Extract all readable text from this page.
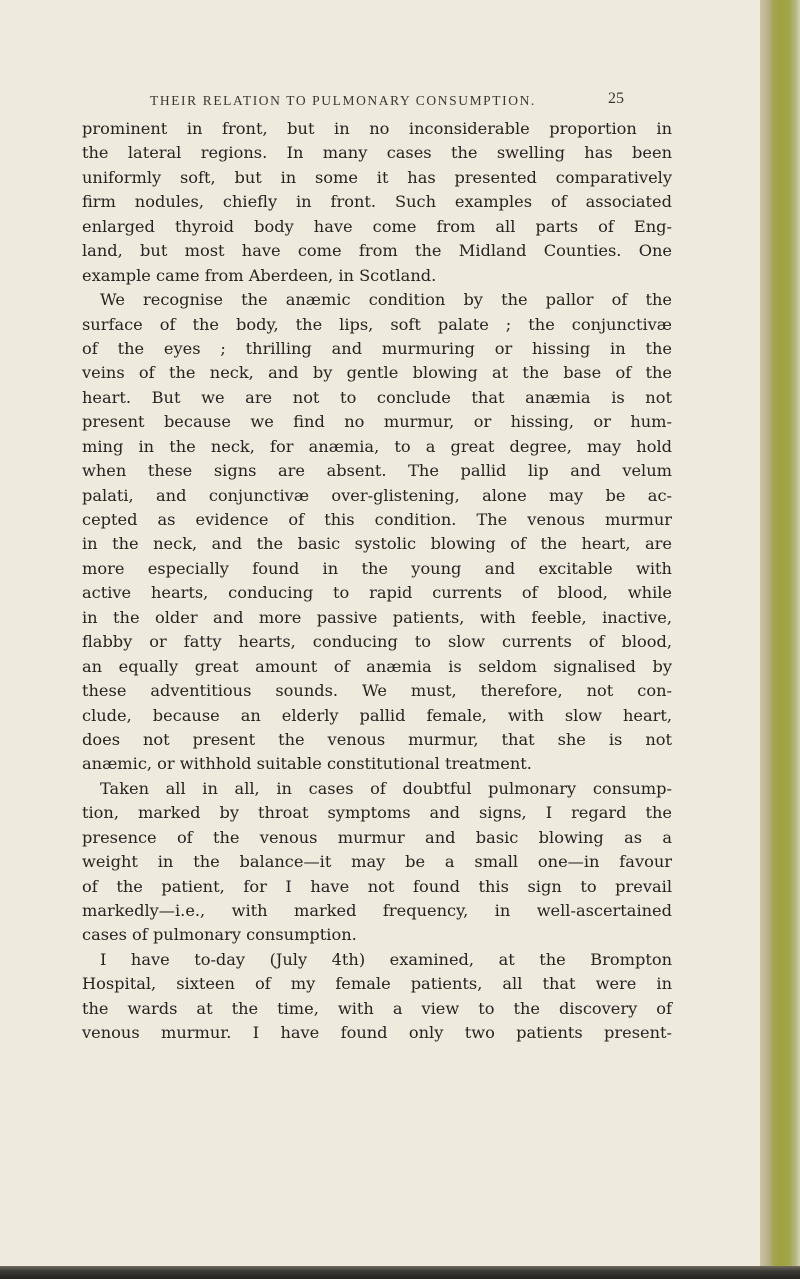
THEIR RELATION TO PULMONARY CONSUMPTION.	25
prominent in front, but in no inconsiderable proportion in
the lateral regions. In many cases the swelling has been
uniformly soft, but in some it has presented comparatively
firm nodules, chiefly in front. Such examples of associated
enlarged thyroid body have come from all parts of Eng-
land, but most have come from the Midland Counties. One
example came from Aberdeen, in Scotland.
We recognise the anæmic condition by the pallor of the
surface of the body, the lips, soft palate ; the conjunctivæ
of the eyes ; thrilling and murmuring or hissing in the
veins of the neck, and by gentle blowing at the base of the
heart. But we are not to conclude that anæmia is not
present because we find no murmur, or hissing, or hum-
ming in the neck, for anæmia, to a great degree, may hold
when these signs are absent. The pallid lip and velum
palati, and conjunctivæ over-glistening, alone may be ac-
cepted as evidence of this condition. The venous murmur
in the neck, and the basic systolic blowing of the heart, are
more especially found in the young and excitable with
active hearts, conducing to rapid currents of blood, while
in the older and more passive patients, with feeble, inactive,
flabby or fatty hearts, conducing to slow currents of blood,
an equally great amount of anæmia is seldom signalised by
these adventitious sounds. We must, therefore, not con-
clude, because an elderly pallid female, with slow heart,
does not present the venous murmur, that she is not
anæmic, or withhold suitable constitutional treatment.
Taken all in all, in cases of doubtful pulmonary consump-
tion, marked by throat symptoms and signs, I regard the
presence of the venous murmur and basic blowing as a
weight in the balance—it may be a small one—in favour
of the patient, for I have not found this sign to prevail
markedly—i.e., with marked frequency, in well-ascertained
cases of pulmonary consumption.
I have to-day (July 4th) examined, at the Brompton
Hospital, sixteen of my female patients, all that were in
the wards at the time, with a view to the discovery of
venous murmur. I have found only two patients present-
